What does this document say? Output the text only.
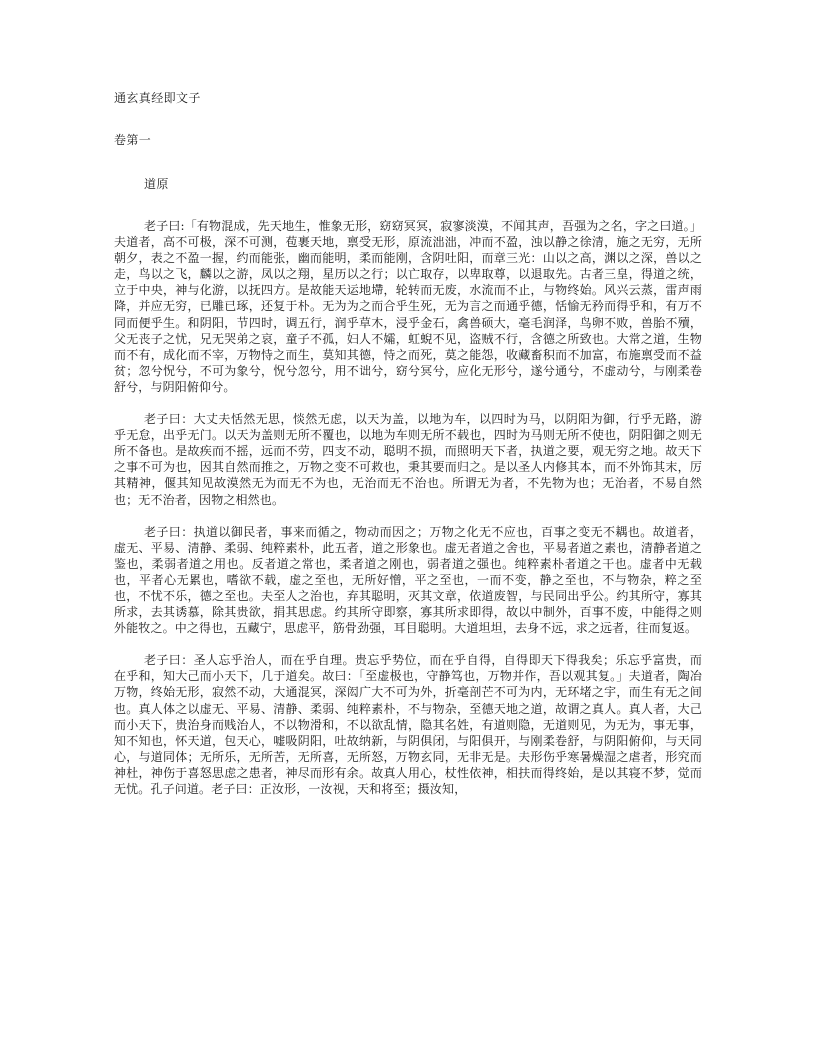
通玄真经即文子
卷第一
道原

老子曰:「有物混成，先天地生，惟象无形，窈窈冥冥，寂寥淡漠，不闻其声，吾强为之名，字之曰道。」夫道者，高不可极，深不可测，苞裹天地，禀受无形，原流泏泏，冲而不盈，浊以静之徐清，施之无穷，无所朝夕，表之不盈一握，约而能张，幽而能明，柔而能刚，含阴吐阳，而章三光：山以之高，渊以之深，兽以之走，鸟以之飞，麟以之游，凤以之翔，星历以之行；以亡取存，以卑取尊，以退取先。古者三皇，得道之统，立于中央，神与化游，以抚四方。是故能天运地墆，轮转而无废，水流而不止，与物终始。风兴云蒸，雷声雨降，并应无穷，已雕已琢，还复于朴。无为为之而合乎生死，无为言之而通乎德，恬愉无矜而得乎和，有万不同而便乎生。和阴阳，节四时，调五行，润乎草木，浸乎金石，禽兽硕大，毫毛润泽，鸟卵不败，兽胎不殰，父无丧子之忧，兄无哭弟之哀，童子不孤，妇人不孀，虹蜺不见，盗贼不行，含德之所致也。大常之道，生物而不有，成化而不宰，万物恃之而生，莫知其德，恃之而死，莫之能怨，收藏畜积而不加富，布施禀受而不益贫；忽兮怳兮，不可为象兮，怳兮忽兮，用不诎兮，窈兮冥兮，应化无形兮，遂兮通兮，不虚动兮，与刚柔卷舒兮，与阴阳俯仰兮。

老子曰：大丈夫恬然无思，惔然无虑，以天为盖，以地为车，以四时为马，以阴阳为御，行乎无路，游乎无怠，出乎无门。以天为盖则无所不覆也，以地为车则无所不载也，四时为马则无所不使也，阴阳御之则无所不备也。是故疾而不摇，远而不劳，四支不动，聪明不损，而照明天下者，执道之要，观无穷之地。故天下之事不可为也，因其自然而推之，万物之变不可救也，秉其要而归之。是以圣人内修其本，而不外饰其末，厉其精神，偃其知见故漠然无为而无不为也，无治而无不治也。所谓无为者，不先物为也；无治者，不易自然也；无不治者，因物之相然也。

老子曰：执道以御民者，事来而循之，物动而因之；万物之化无不应也，百事之变无不耦也。故道者，虚无、平易、清静、柔弱、纯粹素朴，此五者，道之形象也。虚无者道之舍也，平易者道之素也，清静者道之鉴也，柔弱者道之用也。反者道之常也，柔者道之刚也，弱者道之强也。纯粹素朴者道之干也。虚者中无载也，平者心无累也，嗜欲不载，虚之至也，无所好憎，平之至也，一而不变，静之至也，不与物杂，粹之至也，不忧不乐，德之至也。夫至人之治也，弃其聪明，灭其文章，依道废智，与民同出乎公。约其所守，寡其所求，去其诱慕，除其贵欲，捐其思虑。约其所守即察，寡其所求即得，故以中制外，百事不废，中能得之则外能牧之。中之得也，五藏宁，思虑平，筋骨劲强，耳目聪明。大道坦坦，去身不远，求之远者，往而复返。

老子曰：圣人忘乎治人，而在乎自理。贵忘乎势位，而在乎自得，自得即天下得我矣；乐忘乎富贵，而在乎和，知大己而小天下，几于道矣。故曰：「至虚极也，守静笃也，万物并作，吾以观其复。」夫道者，陶冶万物，终始无形，寂然不动，大通混冥，深闳广大不可为外，折毫剖芒不可为内，无环堵之宇，而生有无之间也。真人体之以虚无、平易、清静、柔弱、纯粹素朴，不与物杂，至德天地之道，故谓之真人。真人者，大己而小天下，贵治身而贱治人，不以物滑和，不以欲乱情，隐其名姓，有道则隐，无道则见，为无为，事无事，知不知也，怀天道，包天心，嘘吸阴阳，吐故纳新，与阴俱闭，与阳俱开，与刚柔卷舒，与阴阳俯仰，与天同心，与道同体；无所乐，无所苦，无所喜，无所怒，万物玄同，无非无是。夫形伤乎寒暑燥湿之虐者，形究而神杜，神伤于喜怒思虑之患者，神尽而形有余。故真人用心，杖性依神，相扶而得终始，是以其寝不梦，觉而无忧。孔子问道。老子曰：正汝形，一汝视，天和将至；摄汝知，
